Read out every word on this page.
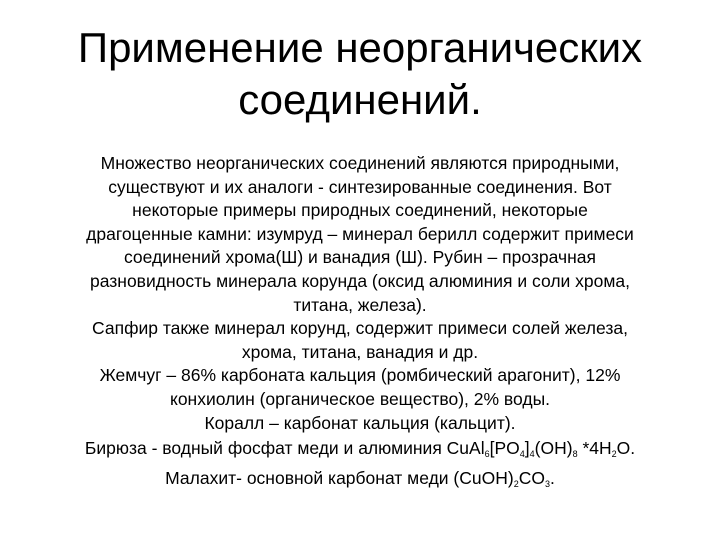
Применение неорганических
соединений.
Множество неорганических соединений являются природными,
существуют и их аналоги - синтезированные соединения. Вот
некоторые примеры природных соединений, некоторые
драгоценные камни: изумруд – минерал берилл содержит примеси
соединений хрома(Ш) и ванадия (Ш). Рубин – прозрачная
разновидность минерала корунда (оксид алюминия и соли хрома,
титана, железа).
Сапфир также минерал корунд, содержит примеси солей железа,
хрома, титана, ванадия и др.
Жемчуг – 86% карбоната кальция (ромбический арагонит), 12%
конхиолин (органическое вещество), 2% воды.
Коралл – карбонат кальция (кальцит).
Бирюза - водный фосфат меди и алюминия $CuAl_6[PO_4]_4(OH)_8$ $*4H_2O$.
Малахит- основной карбонат меди $(CuOH)_2CO_3$.
